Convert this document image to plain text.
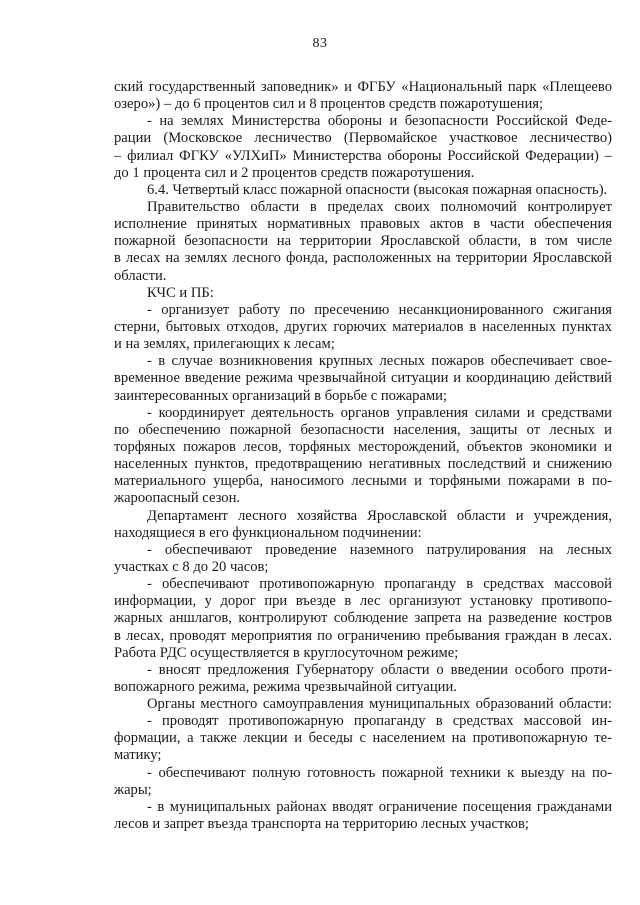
83
ский государственный заповедник» и ФГБУ «Национальный парк «Плещеево
озеро») – до 6 процентов сил и 8 процентов средств пожаротушения;
- на землях Министерства обороны и безопасности Российской Феде-
рации (Московское лесничество (Первомайское участковое лесничество)
– филиал ФГКУ «УЛХиП» Министерства обороны Российской Федерации) –
до 1 процента сил и 2 процентов средств пожаротушения.
6.4. Четвертый класс пожарной опасности (высокая пожарная опасность).
Правительство области в пределах своих полномочий контролирует
исполнение принятых нормативных правовых актов в части обеспечения
пожарной безопасности на территории Ярославской области, в том числе
в лесах на землях лесного фонда, расположенных на территории Ярославской
области.
КЧС и ПБ:
- организует работу по пресечению несанкционированного сжигания
стерни, бытовых отходов, других горючих материалов в населенных пунктах
и на землях, прилегающих к лесам;
- в случае возникновения крупных лесных пожаров обеспечивает свое-
временное введение режима чрезвычайной ситуации и координацию действий
заинтересованных организаций в борьбе с пожарами;
- координирует деятельность органов управления силами и средствами
по обеспечению пожарной безопасности населения, защиты от лесных и
торфяных пожаров лесов, торфяных месторождений, объектов экономики и
населенных пунктов, предотвращению негативных последствий и снижению
материального ущерба, наносимого лесными и торфяными пожарами в по-
жароопасный сезон.
Департамент лесного хозяйства Ярославской области и учреждения,
находящиеся в его функциональном подчинении:
- обеспечивают проведение наземного патрулирования на лесных
участках с 8 до 20 часов;
- обеспечивают противопожарную пропаганду в средствах массовой
информации, у дорог при въезде в лес организуют установку противопо-
жарных аншлагов, контролируют соблюдение запрета на разведение костров
в лесах, проводят мероприятия по ограничению пребывания граждан в лесах.
Работа РДС осуществляется в круглосуточном режиме;
- вносят предложения Губернатору области о введении особого проти-
вопожарного режима, режима чрезвычайной ситуации.
Органы местного самоуправления муниципальных образований области:
- проводят противопожарную пропаганду в средствах массовой ин-
формации, а также лекции и беседы с населением на противопожарную те-
матику;
- обеспечивают полную готовность пожарной техники к выезду на по-
жары;
- в муниципальных районах вводят ограничение посещения гражданами
лесов и запрет въезда транспорта на территорию лесных участков;
